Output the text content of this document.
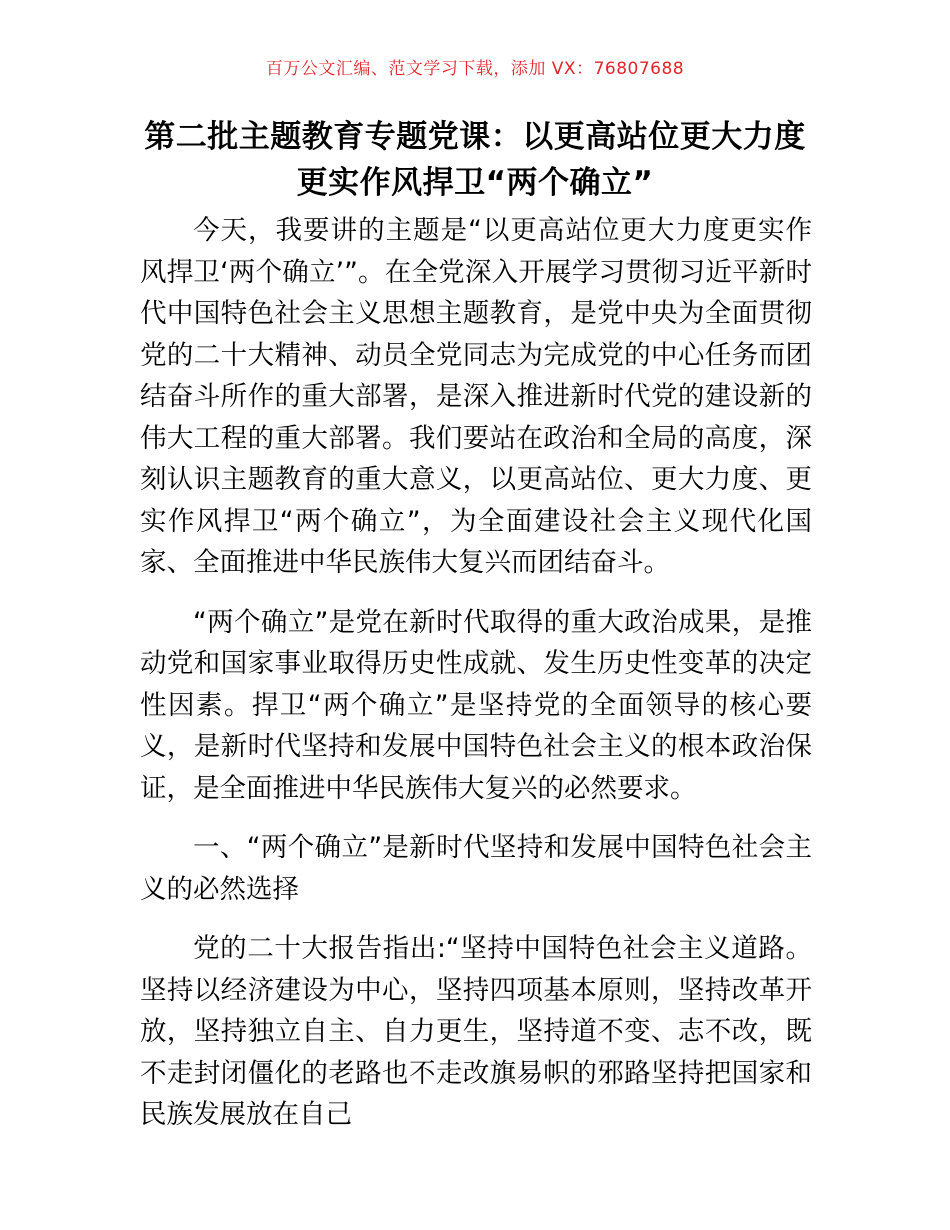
百万公文汇编、范文学习下载，添加 VX：76807688
第二批主题教育专题党课：以更高站位更大力度更实作风捍卫“两个确立”

今天，我要讲的主题是“以更高站位更大力度更实作风捍卫‘两个确立’”。在全党深入开展学习贯彻习近平新时代中国特色社会主义思想主题教育，是党中央为全面贯彻党的二十大精神、动员全党同志为完成党的中心任务而团结奋斗所作的重大部署，是深入推进新时代党的建设新的伟大工程的重大部署。我们要站在政治和全局的高度，深刻认识主题教育的重大意义，以更高站位、更大力度、更实作风捍卫“两个确立”，为全面建设社会主义现代化国家、全面推进中华民族伟大复兴而团结奋斗。

“两个确立”是党在新时代取得的重大政治成果，是推动党和国家事业取得历史性成就、发生历史性变革的决定性因素。捍卫“两个确立”是坚持党的全面领导的核心要义，是新时代坚持和发展中国特色社会主义的根本政治保证，是全面推进中华民族伟大复兴的必然要求。

一、“两个确立”是新时代坚持和发展中国特色社会主义的必然选择

党的二十大报告指出:“坚持中国特色社会主义道路。坚持以经济建设为中心，坚持四项基本原则，坚持改革开放，坚持独立自主、自力更生，坚持道不变、志不改，既不走封闭僵化的老路也不走改旗易帜的邪路坚持把国家和民族发展放在自己
